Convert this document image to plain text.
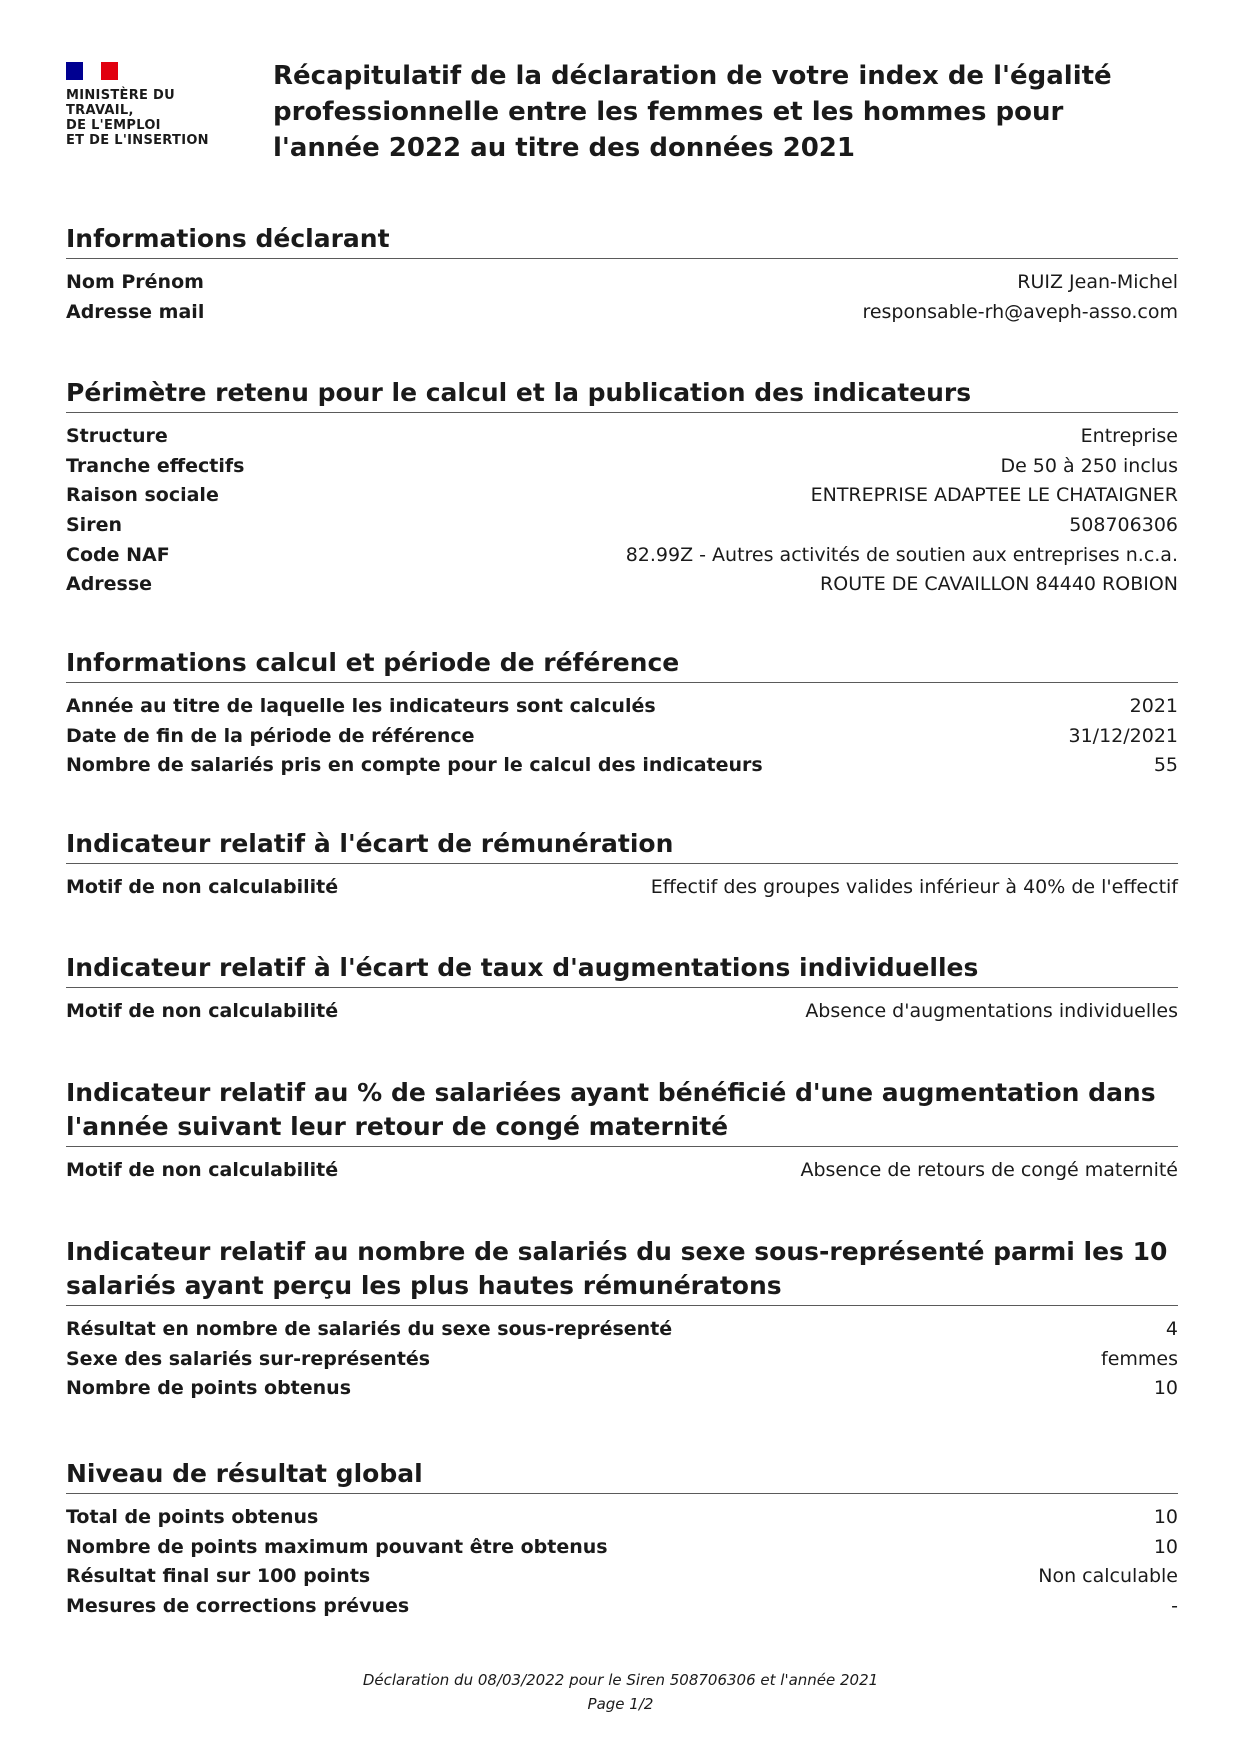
MINISTÈRE DU
TRAVAIL,
DE L'EMPLOI
ET DE L'INSERTION
Récapitulatif de la déclaration de votre index de l'égalité professionnelle entre les femmes et les hommes pour l'année 2022 au titre des données 2021
Informations déclarant
Nom Prénom	RUIZ Jean-Michel
Adresse mail	responsable-rh@aveph-asso.com
Périmètre retenu pour le calcul et la publication des indicateurs
Structure	Entreprise
Tranche effectifs	De 50 à 250 inclus
Raison sociale	ENTREPRISE ADAPTEE LE CHATAIGNER
Siren	508706306
Code NAF	82.99Z - Autres activités de soutien aux entreprises n.c.a.
Adresse	ROUTE DE CAVAILLON 84440 ROBION
Informations calcul et période de référence
Année au titre de laquelle les indicateurs sont calculés	2021
Date de fin de la période de référence	31/12/2021
Nombre de salariés pris en compte pour le calcul des indicateurs	55
Indicateur relatif à l'écart de rémunération
Motif de non calculabilité	Effectif des groupes valides inférieur à 40% de l'effectif
Indicateur relatif à l'écart de taux d'augmentations individuelles
Motif de non calculabilité	Absence d'augmentations individuelles
Indicateur relatif au % de salariées ayant bénéficié d'une augmentation dans l'année suivant leur retour de congé maternité
Motif de non calculabilité	Absence de retours de congé maternité
Indicateur relatif au nombre de salariés du sexe sous-représenté parmi les 10 salariés ayant perçu les plus hautes rémunératons
Résultat en nombre de salariés du sexe sous-représenté	4
Sexe des salariés sur-représentés	femmes
Nombre de points obtenus	10
Niveau de résultat global
Total de points obtenus	10
Nombre de points maximum pouvant être obtenus	10
Résultat final sur 100 points	Non calculable
Mesures de corrections prévues	-
Déclaration du 08/03/2022 pour le Siren 508706306 et l'année 2021
Page 1/2
